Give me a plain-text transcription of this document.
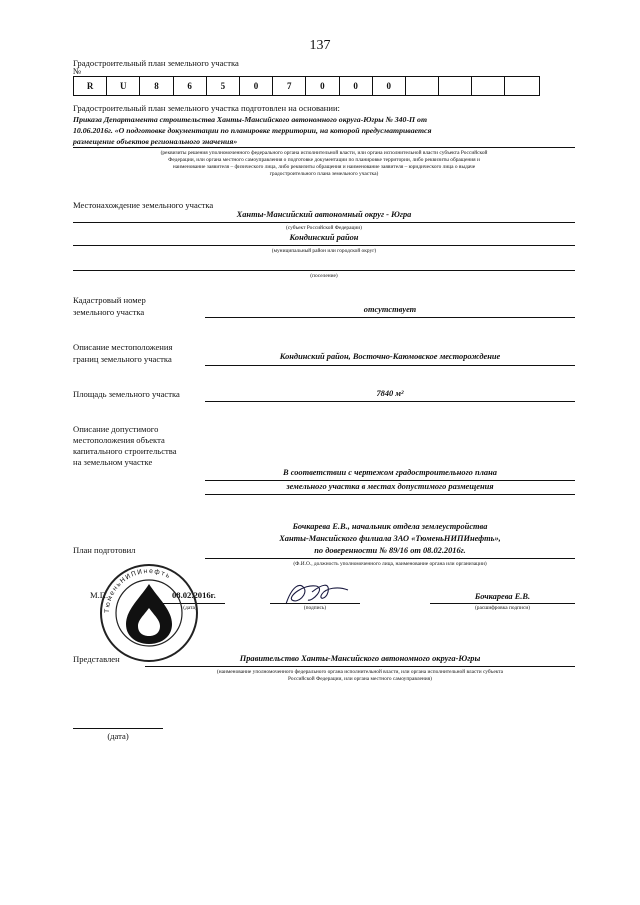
137
Градостроительный план земельного участка
№
R	U	8	6	5	0	7	0	0	0
Градостроительный план земельного участка подготовлен на основании:
Приказа Департамента строительства Ханты-Мансийского автономного округа-Югры № 340-П от
10.06.2016г. «О подготовке документации по планировке территории, на которой предусматривается
размещение объектов регионального значения»
(реквизиты решения уполномоченного федерального органа исполнительной власти, или органа исполнительной власти субъекта Российской
Федерации, или органа местного самоуправления о подготовке документации по планировке территории, либо реквизиты обращения и
наименование заявителя – физического лица, либо реквизиты обращения и наименование заявителя – юридического лица о выдаче
градостроительного плана земельного участка)
Местонахождение земельного участка
Ханты-Мансийский автономный округ - Югра
(субъект Российской Федерации)
Кондинский район
(муниципальный район или городской округ)
(поселение)
Кадастровый номер
земельного участка	отсутствует
Описание местоположения
границ земельного участка	Кондинский район, Восточно-Каюмовское месторождение
Площадь земельного участка	7840 м²
Описание допустимого
местоположения объекта
капитального строительства
на земельном участке
В соответствии с чертежом градостроительного плана
земельного участка в местах допустимого размещения
Бочкарева Е.В., начальник отдела землеустройства
Ханты-Мансийского филиала ЗАО «ТюменьНИПИнефть»,
План подготовил	по доверенности № 89/16 от 08.02.2016г.
(Ф.И.О., должность уполномоченного лица, наименование органа или организации)
М.П.	08.02.2016г.
(дата)	(подпись)
Бочкарева Е.В.
(расшифровка подписи)
ТюменьНИПИнефть
Представлен	Правительство Ханты-Мансийского автономного округа-Югры
(наименование уполномоченного федерального органа исполнительной власти, или органа исполнительной власти субъекта
Российской Федерации, или органа местного самоуправления)
(дата)
